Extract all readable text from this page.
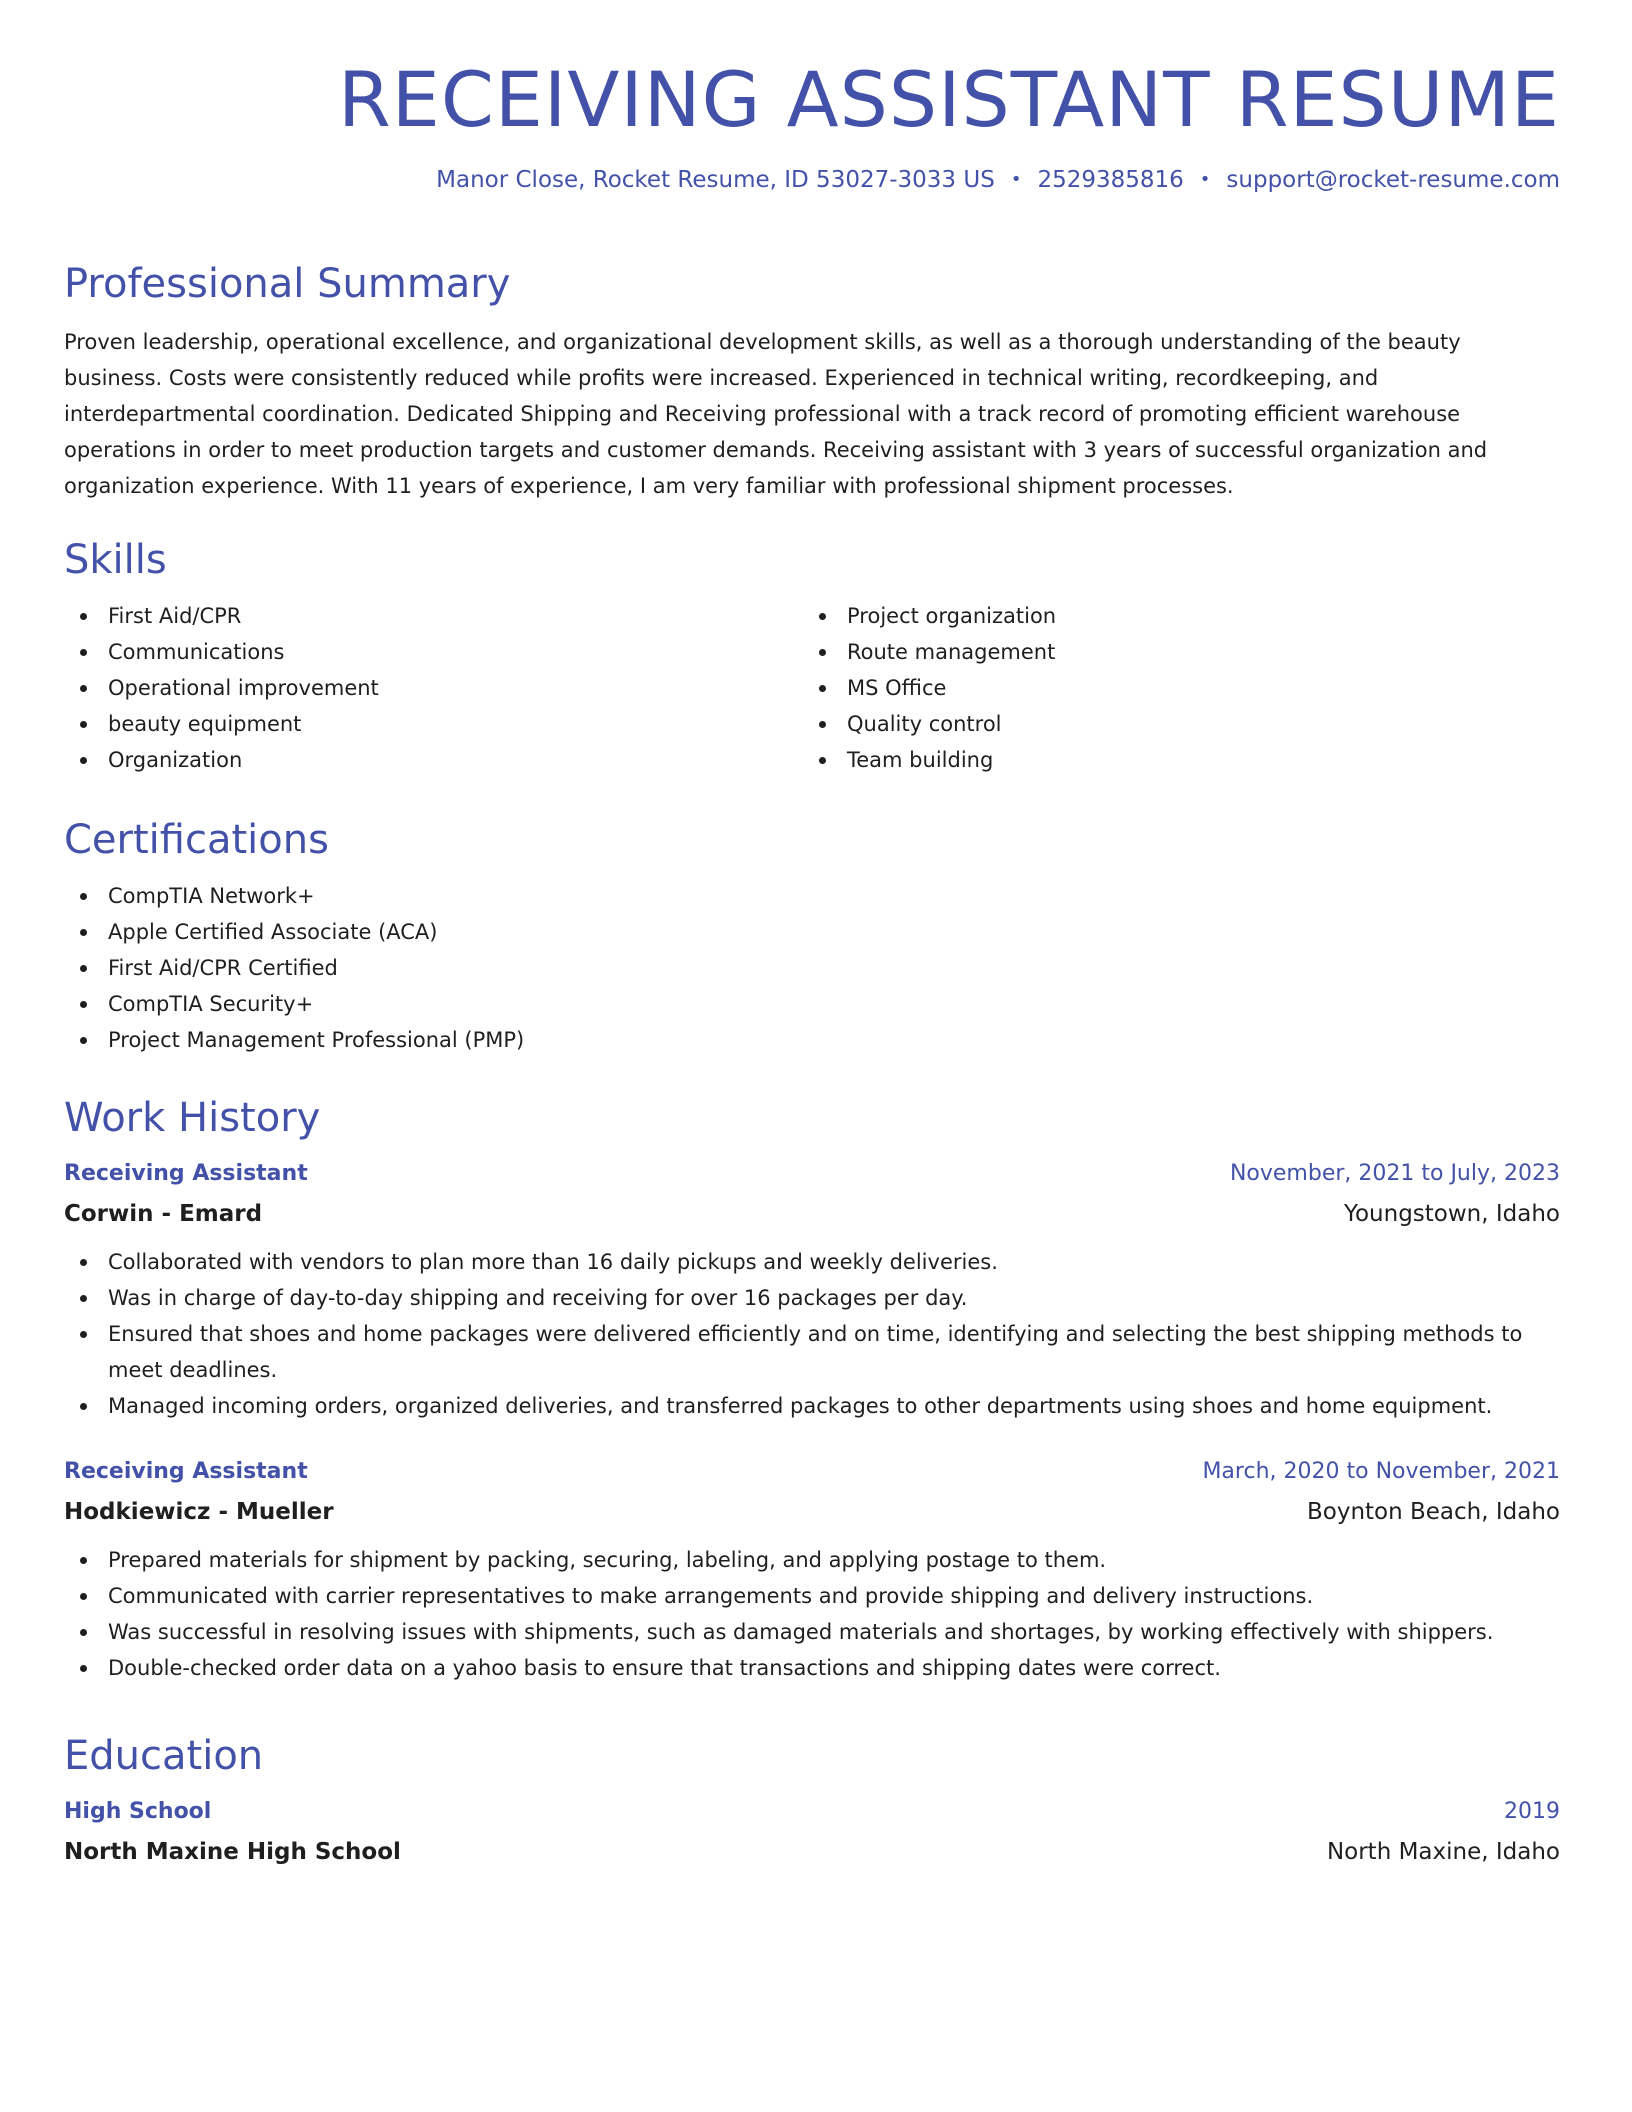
RECEIVING ASSISTANT RESUME
Manor Close, Rocket Resume, ID 53027-3033 US • 2529385816 • support@rocket-resume.com
Professional Summary

Proven leadership, operational excellence, and organizational development skills, as well as a thorough understanding of the beauty business. Costs were consistently reduced while profits were increased. Experienced in technical writing, recordkeeping, and interdepartmental coordination. Dedicated Shipping and Receiving professional with a track record of promoting efficient warehouse operations in order to meet production targets and customer demands. Receiving assistant with 3 years of successful organization and organization experience. With 11 years of experience, I am very familiar with professional shipment processes.

Skills
First Aid/CPR
Communications
Operational improvement
beauty equipment
Organization
Project organization
Route management
MS Office
Quality control
Team building
Certifications
CompTIA Network+
Apple Certified Associate (ACA)
First Aid/CPR Certified
CompTIA Security+
Project Management Professional (PMP)
Work History
Receiving Assistant	November, 2021 to July, 2023
Corwin - Emard	Youngstown, Idaho
Collaborated with vendors to plan more than 16 daily pickups and weekly deliveries.
Was in charge of day-to-day shipping and receiving for over 16 packages per day.
Ensured that shoes and home packages were delivered efficiently and on time, identifying and selecting the best shipping methods to meet deadlines.
Managed incoming orders, organized deliveries, and transferred packages to other departments using shoes and home equipment.
Receiving Assistant	March, 2020 to November, 2021
Hodkiewicz - Mueller	Boynton Beach, Idaho
Prepared materials for shipment by packing, securing, labeling, and applying postage to them.
Communicated with carrier representatives to make arrangements and provide shipping and delivery instructions.
Was successful in resolving issues with shipments, such as damaged materials and shortages, by working effectively with shippers.
Double-checked order data on a yahoo basis to ensure that transactions and shipping dates were correct.
Education
High School	2019
North Maxine High School	North Maxine, Idaho
